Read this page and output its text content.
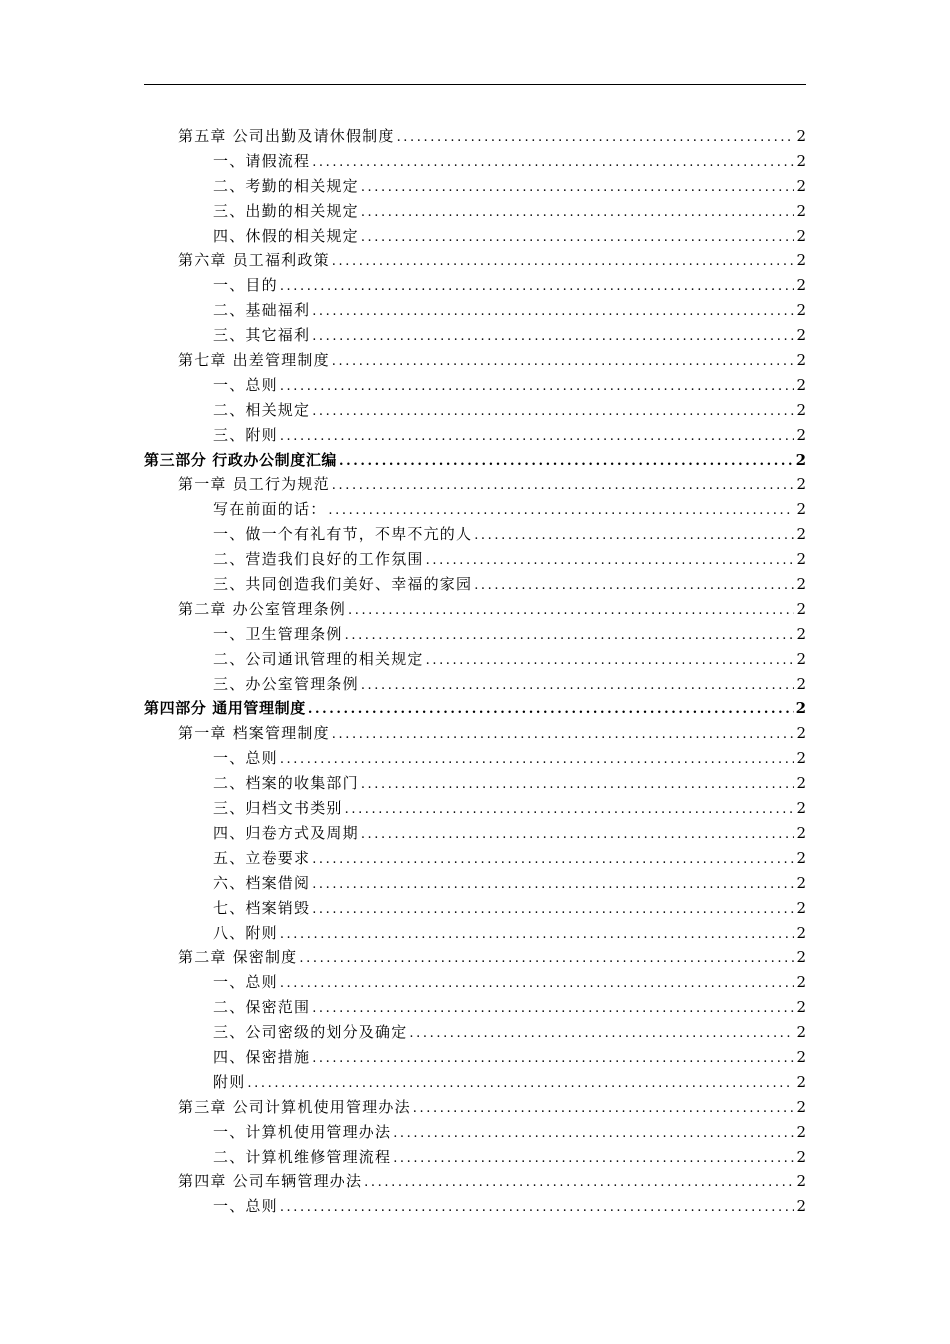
第五章 公司出勤及请休假制度 .....	2
一、请假流程 .....	2
二、考勤的相关规定 .....	2
三、出勤的相关规定 .....	2
四、休假的相关规定 .....	2
第六章 员工福利政策 .....	2
一、目的 .....	2
二、基础福利 .....	2
三、其它福利 .....	2
第七章 出差管理制度 .....	2
一、总则 .....	2
二、相关规定 .....	2
三、附则 .....	2
第三部分 行政办公制度汇编 .....	2
第一章 员工行为规范 .....	2
写在前面的话： .....	2
一、做一个有礼有节，不卑不亢的人 .....	2
二、营造我们良好的工作氛围 .....	2
三、共同创造我们美好、幸福的家园 .....	2
第二章 办公室管理条例 .....	2
一、卫生管理条例 .....	2
二、公司通讯管理的相关规定 .....	2
三、办公室管理条例 .....	2
第四部分 通用管理制度 .....	2
第一章 档案管理制度 .....	2
一、总则 .....	2
二、档案的收集部门 .....	2
三、归档文书类别 .....	2
四、归卷方式及周期 .....	2
五、立卷要求 .....	2
六、档案借阅 .....	2
七、档案销毁 .....	2
八、附则 .....	2
第二章 保密制度 .....	2
一、总则 .....	2
二、保密范围 .....	2
三、公司密级的划分及确定 .....	2
四、保密措施 .....	2
附则 .....	2
第三章 公司计算机使用管理办法 .....	2
一、计算机使用管理办法 .....	2
二、计算机维修管理流程 .....	2
第四章 公司车辆管理办法 .....	2
一、总则 .....	2
